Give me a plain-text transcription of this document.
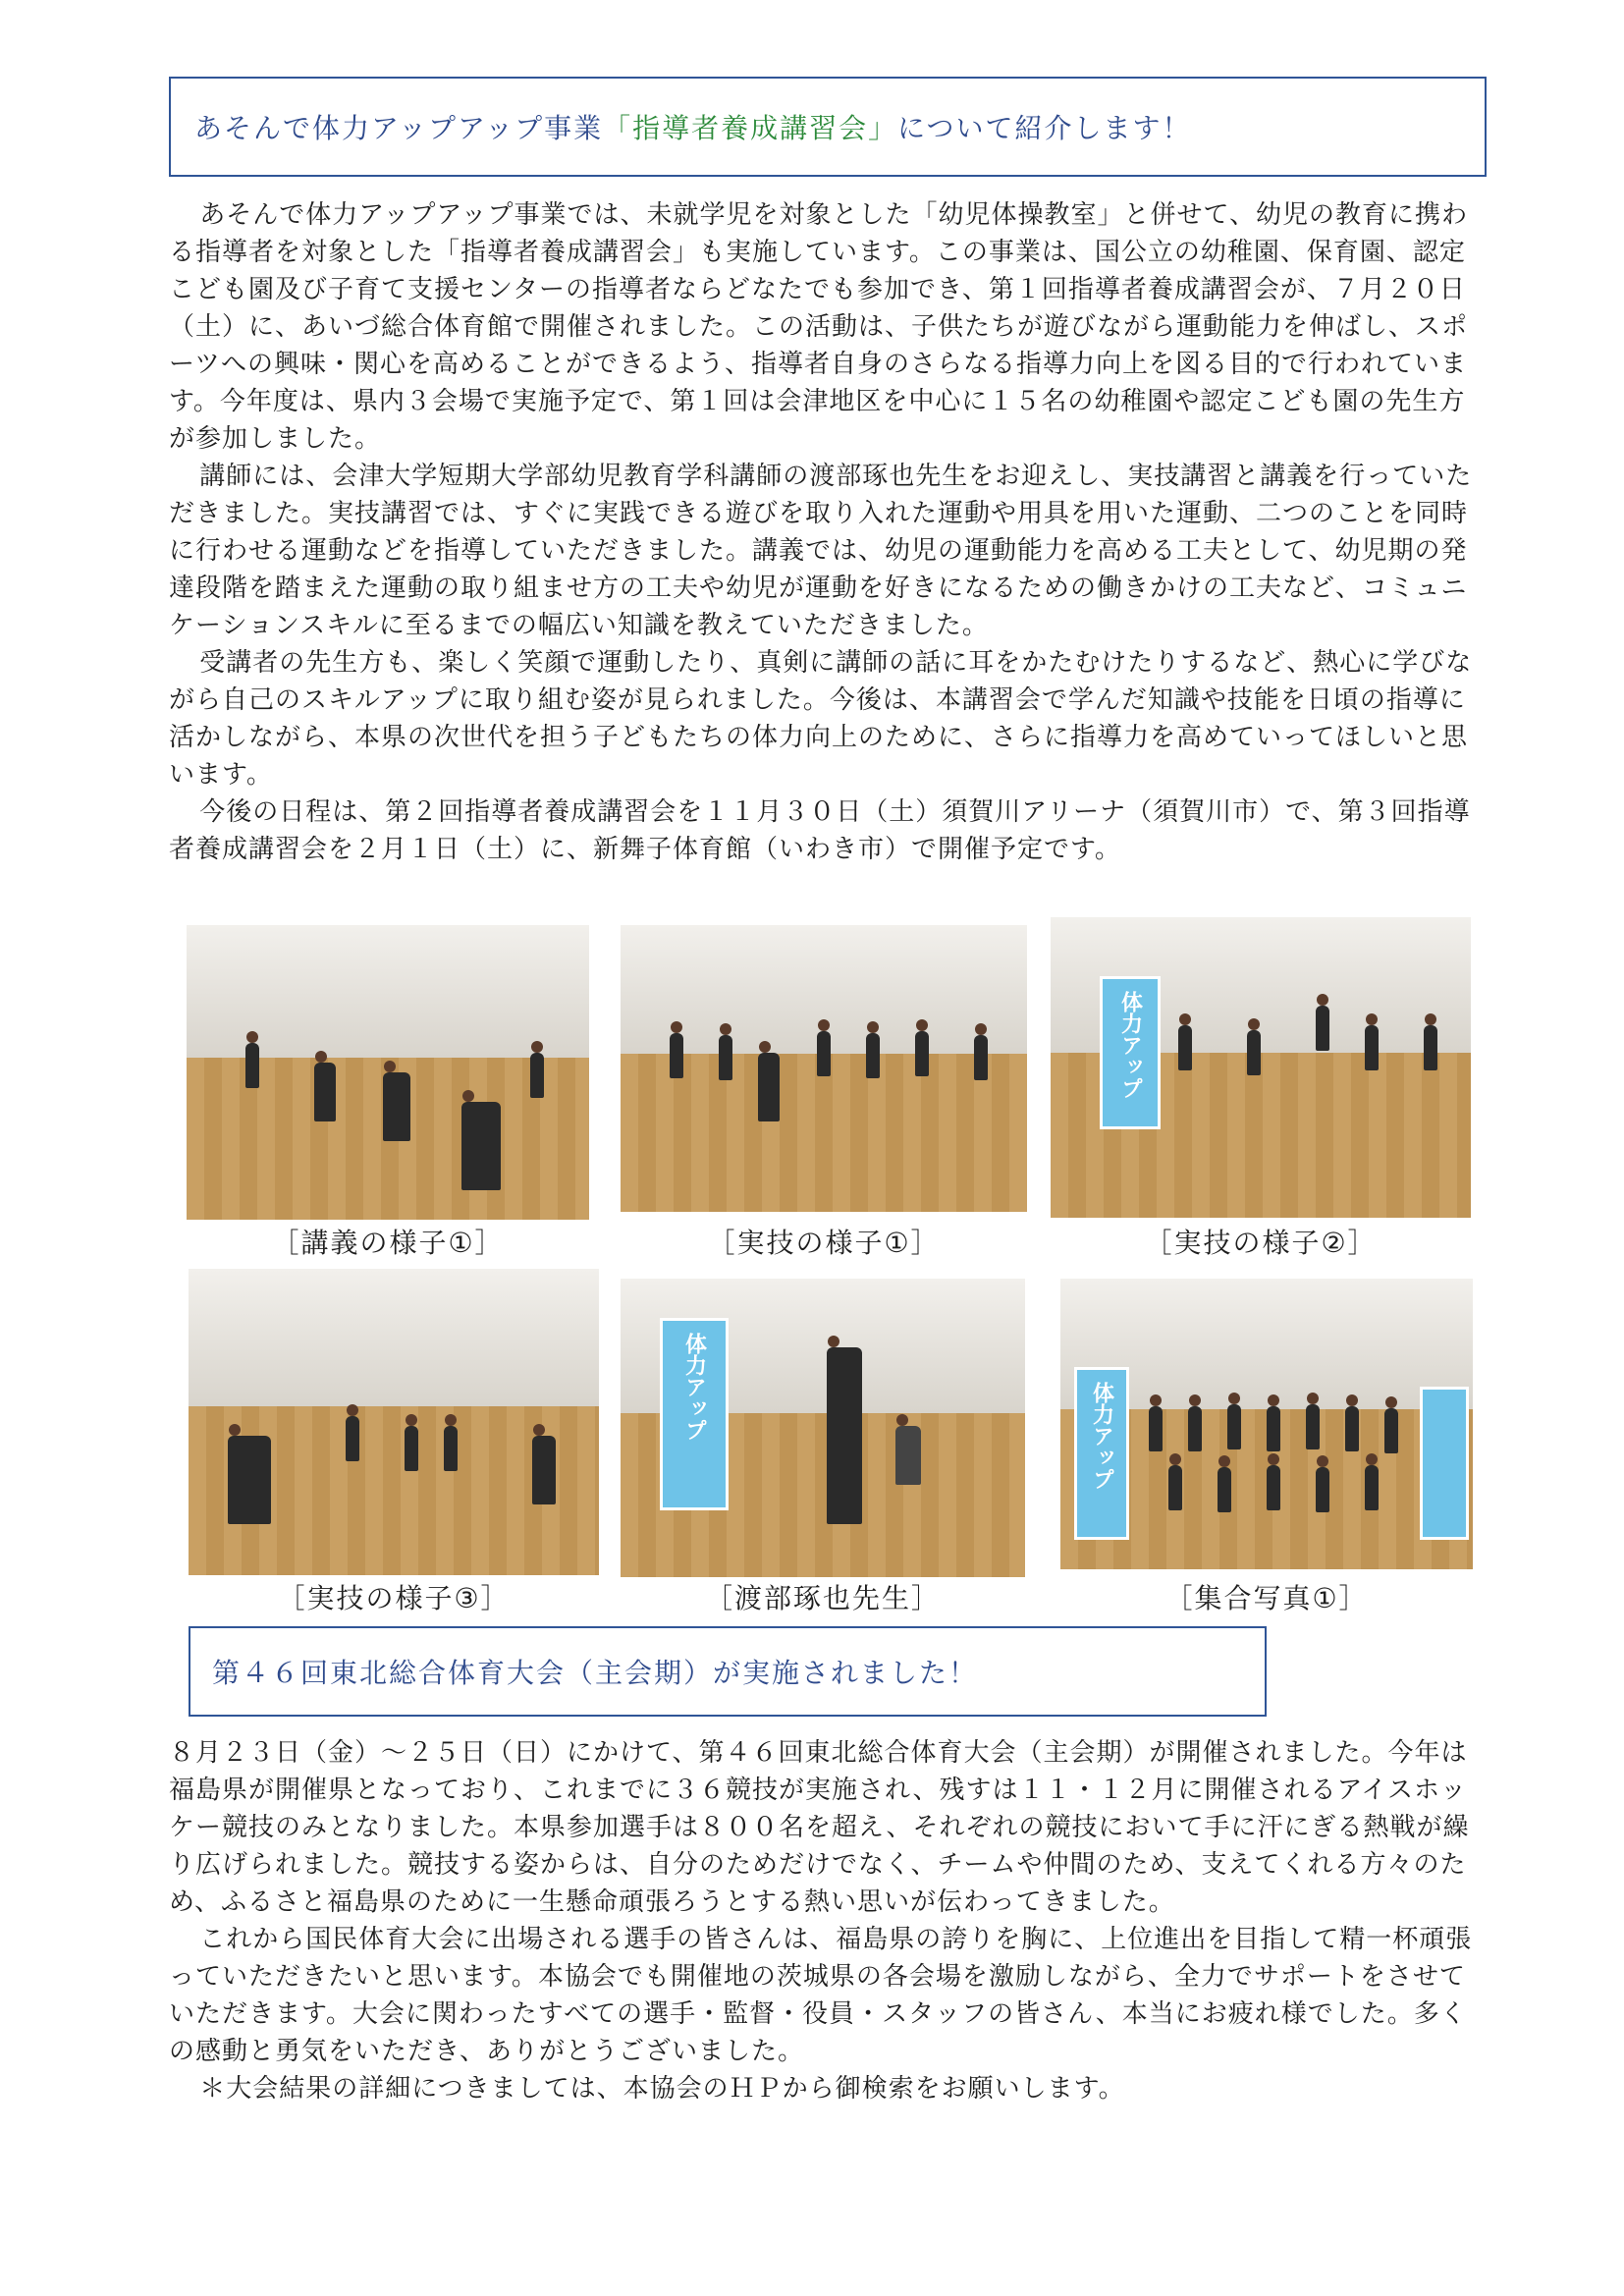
あそんで体力アップアップ事業 「指導者養成講習会」 について紹介します！

あそんで体力アップアップ事業では、未就学児を対象とした「幼児体操教室」と併せて、幼児の教育に携わる指導者を対象とした「指導者養成講習会」も実施しています。この事業は、国公立の幼稚園、保育園、認定こども園及び子育て支援センターの指導者ならどなたでも参加でき、第１回指導者養成講習会が、７月２０日（土）に、あいづ総合体育館で開催されました。この活動は、子供たちが遊びながら運動能力を伸ばし、スポーツへの興味・関心を高めることができるよう、指導者自身のさらなる指導力向上を図る目的で行われています。今年度は、県内３会場で実施予定で、第１回は会津地区を中心に１５名の幼稚園や認定こども園の先生方が参加しました。

講師には、会津大学短期大学部幼児教育学科講師の渡部琢也先生をお迎えし、実技講習と講義を行っていただきました。実技講習では、すぐに実践できる遊びを取り入れた運動や用具を用いた運動、二つのことを同時に行わせる運動などを指導していただきました。講義では、幼児の運動能力を高める工夫として、幼児期の発達段階を踏まえた運動の取り組ませ方の工夫や幼児が運動を好きになるための働きかけの工夫など、コミュニケーションスキルに至るまでの幅広い知識を教えていただきました。

受講者の先生方も、楽しく笑顔で運動したり、真剣に講師の話に耳をかたむけたりするなど、熱心に学びながら自己のスキルアップに取り組む姿が見られました。今後は、本講習会で学んだ知識や技能を日頃の指導に活かしながら、本県の次世代を担う子どもたちの体力向上のために、さらに指導力を高めていってほしいと思います。

今後の日程は、第２回指導者養成講習会を１１月３０日（土）須賀川アリーナ（須賀川市）で、第３回指導者養成講習会を２月１日（土）に、新舞子体育館（いわき市）で開催予定です。

体力アップ
［講義の様子①］	［実技の様子①］	［実技の様子②］
体力アップ	体力アップ
［実技の様子③］	［渡部琢也先生］	［集合写真①］
第４６回東北総合体育大会（主会期）が実施されました！

８月２３日（金）～２５日（日）にかけて、第４６回東北総合体育大会（主会期）が開催されました。今年は福島県が開催県となっており、これまでに３６競技が実施され、残すは１１・１２月に開催されるアイスホッケー競技のみとなりました。本県参加選手は８００名を超え、それぞれの競技において手に汗にぎる熱戦が繰り広げられました。競技する姿からは、自分のためだけでなく、チームや仲間のため、支えてくれる方々のため、ふるさと福島県のために一生懸命頑張ろうとする熱い思いが伝わってきました。

これから国民体育大会に出場される選手の皆さんは、福島県の誇りを胸に、上位進出を目指して精一杯頑張っていただきたいと思います。本協会でも開催地の茨城県の各会場を激励しながら、全力でサポートをさせていただきます。大会に関わったすべての選手・監督・役員・スタッフの皆さん、本当にお疲れ様でした。多くの感動と勇気をいただき、ありがとうございました。

＊大会結果の詳細につきましては、本協会のＨＰから御検索をお願いします。
